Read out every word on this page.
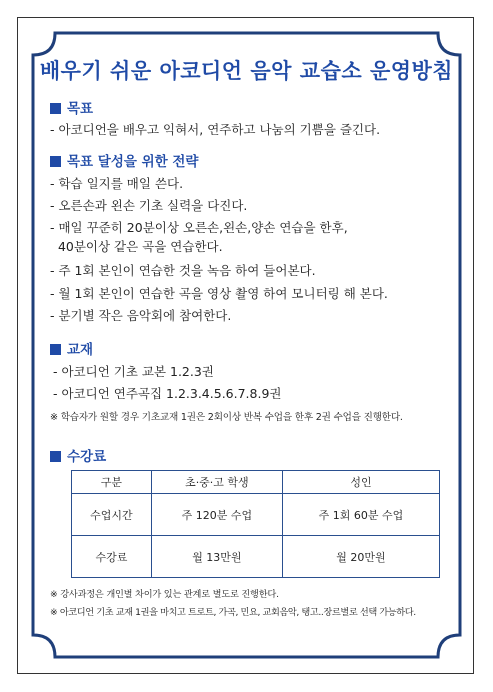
배우기 쉬운 아코디언 음악 교습소 운영방침
목표
- 아코디언을 배우고 익혀서, 연주하고 나눔의 기쁨을 즐긴다.
목표 달성을 위한 전략
- 학습 일지를 매일 쓴다.
- 오른손과 왼손 기초 실력을 다진다.
- 매일 꾸준히 20분이상 오른손,왼손,양손 연습을 한후,
40분이상 같은 곡을 연습한다.
- 주 1회 본인이 연습한 것을 녹음 하여 들어본다.
- 월 1회 본인이 연습한 곡을 영상 촬영 하여 모니터링 해 본다.
- 분기별 작은 음악회에 참여한다.
교재
- 아코디언 기초 교본 1.2.3권
- 아코디언 연주곡집 1.2.3.4.5.6.7.8.9권
※ 학습자가 원할 경우 기초교재 1권은 2회이상 반복 수업을 한후 2권 수업을 진행한다.
수강료
구분	초·중·고 학생	성인
수업시간	주 120분 수업	주 1회 60분 수업
수강료	월 13만원	월 20만원
※ 강사과정은 개인별 차이가 있는 관계로 별도로 진행한다.
※ 아코디언 기초 교재 1권을 마치고 트로트, 가곡, 민요, 교회음악, 탱고..장르별로 선택 가능하다.
